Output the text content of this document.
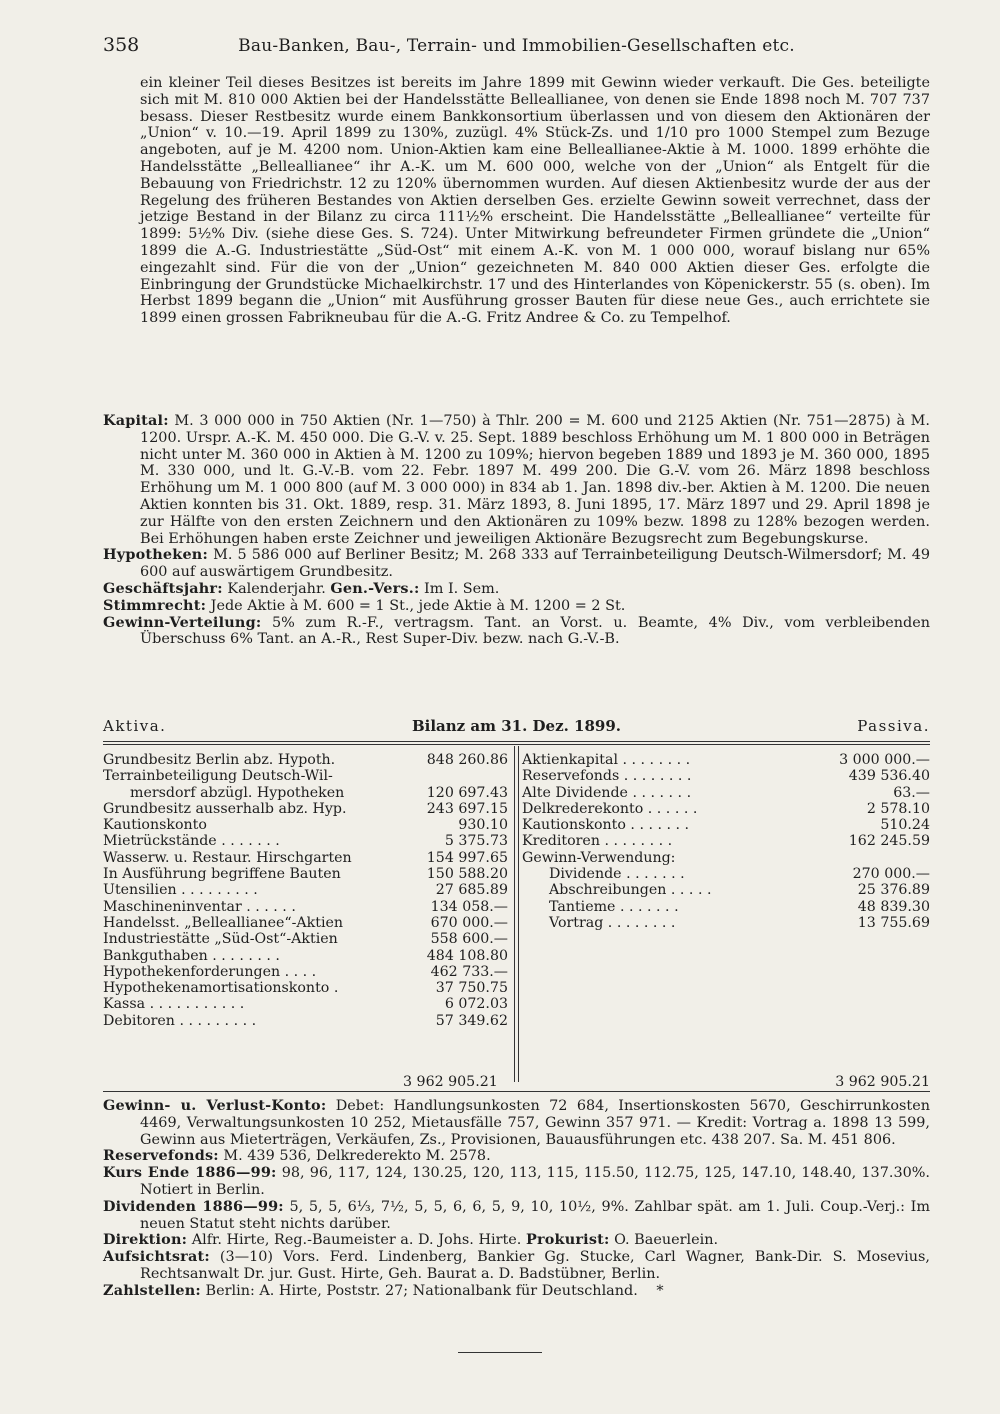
358	Bau-Banken, Bau-, Terrain- und Immobilien-Gesellschaften etc.

ein kleiner Teil dieses Besitzes ist bereits im Jahre 1899 mit Gewinn wieder verkauft. Die Ges. beteiligte sich mit M. 810 000 Aktien bei der Handelsstätte Belleallianee, von denen sie Ende 1898 noch M. 707 737 besass. Dieser Restbesitz wurde einem Bankkonsortium überlassen und von diesem den Aktionären der „Union“ v. 10.—19. April 1899 zu 130%, zuzügl. 4% Stück-Zs. und 1/10 pro 1000 Stempel zum Bezuge angeboten, auf je M. 4200 nom. Union-Aktien kam eine Belleallianee-Aktie à M. 1000. 1899 erhöhte die Handelsstätte „Belleallianee“ ihr A.-K. um M. 600 000, welche von der „Union“ als Entgelt für die Bebauung von Friedrichstr. 12 zu 120% übernommen wurden. Auf diesen Aktienbesitz wurde der aus der Regelung des früheren Bestandes von Aktien derselben Ges. erzielte Gewinn soweit verrechnet, dass der jetzige Bestand in der Bilanz zu circa 111½% erscheint. Die Handelsstätte „Belleallianee“ verteilte für 1899: 5½% Div. (siehe diese Ges. S. 724). Unter Mitwirkung befreundeter Firmen gründete die „Union“ 1899 die A.-G. Industriestätte „Süd-Ost“ mit einem A.-K. von M. 1 000 000, worauf bislang nur 65% eingezahlt sind. Für die von der „Union“ gezeichneten M. 840 000 Aktien dieser Ges. erfolgte die Einbringung der Grundstücke Michaelkirchstr. 17 und des Hinterlandes von Köpenickerstr. 55 (s. oben). Im Herbst 1899 begann die „Union“ mit Ausführung grosser Bauten für diese neue Ges., auch errichtete sie 1899 einen grossen Fabrikneubau für die A.-G. Fritz Andree & Co. zu Tempelhof.

Kapital: M. 3 000 000 in 750 Aktien (Nr. 1—750) à Thlr. 200 = M. 600 und 2125 Aktien (Nr. 751—2875) à M. 1200. Urspr. A.-K. M. 450 000. Die G.-V. v. 25. Sept. 1889 beschloss Erhöhung um M. 1 800 000 in Beträgen nicht unter M. 360 000 in Aktien à M. 1200 zu 109%; hiervon begeben 1889 und 1893 je M. 360 000, 1895 M. 330 000, und lt. G.-V.-B. vom 22. Febr. 1897 M. 499 200. Die G.-V. vom 26. März 1898 beschloss Erhöhung um M. 1 000 800 (auf M. 3 000 000) in 834 ab 1. Jan. 1898 div.-ber. Aktien à M. 1200. Die neuen Aktien konnten bis 31. Okt. 1889, resp. 31. März 1893, 8. Juni 1895, 17. März 1897 und 29. April 1898 je zur Hälfte von den ersten Zeichnern und den Aktionären zu 109% bezw. 1898 zu 128% bezogen werden. Bei Erhöhungen haben erste Zeichner und jeweiligen Aktionäre Bezugsrecht zum Begebungskurse.

Hypotheken: M. 5 586 000 auf Berliner Besitz; M. 268 333 auf Terrainbeteiligung Deutsch-Wilmersdorf; M. 49 600 auf auswärtigem Grundbesitz.

Geschäftsjahr: Kalenderjahr. Gen.-Vers.: Im I. Sem.

Stimmrecht: Jede Aktie à M. 600 = 1 St., jede Aktie à M. 1200 = 2 St.

Gewinn-Verteilung: 5% zum R.-F., vertragsm. Tant. an Vorst. u. Beamte, 4% Div., vom verbleibenden Überschuss 6% Tant. an A.-R., Rest Super-Div. bezw. nach G.-V.-B.

Aktiva.	Bilanz am 31. Dez. 1899.	Passiva.
Grundbesitz Berlin abz. Hypoth.	848 260.86
Terrainbeteiligung Deutsch-Wil-
mersdorf abzügl. Hypotheken	120 697.43
Grundbesitz ausserhalb abz. Hyp.	243 697.15
Kautionskonto	930.10
Mietrückstände . . . . . . .	5 375.73
Wasserw. u. Restaur. Hirschgarten	154 997.65
In Ausführung begriffene Bauten	150 588.20
Utensilien . . . . . . . . .	27 685.89
Maschineninventar . . . . . .	134 058.—
Handelsst. „Belleallianee“-Aktien	670 000.—
Industriestätte „Süd-Ost“-Aktien	558 600.—
Bankguthaben . . . . . . . .	484 108.80
Hypothekenforderungen . . . .	462 733.—
Hypothekenamortisationskonto .	37 750.75
Kassa . . . . . . . . . . .	6 072.03
Debitoren . . . . . . . . .	57 349.62
Aktienkapital . . . . . . . .	3 000 000.—
Reservefonds . . . . . . . .	439 536.40
Alte Dividende . . . . . . .	63.—
Delkrederekonto . . . . . .	2 578.10
Kautionskonto . . . . . . .	510.24
Kreditoren . . . . . . . .	162 245.59
Gewinn-Verwendung:
Dividende . . . . . . .	270 000.—
Abschreibungen . . . . .	25 376.89
Tantieme . . . . . . .	48 839.30
Vortrag . . . . . . . .	13 755.69
3 962 905.21	3 962 905.21

Gewinn- u. Verlust-Konto: Debet: Handlungsunkosten 72 684, Insertionskosten 5670, Geschirrunkosten 4469, Verwaltungsunkosten 10 252, Mietausfälle 757, Gewinn 357 971. — Kredit: Vortrag a. 1898 13 599, Gewinn aus Mieterträgen, Verkäufen, Zs., Provisionen, Bauausführungen etc. 438 207. Sa. M. 451 806.

Reservefonds: M. 439 536, Delkrederekto M. 2578.

Kurs Ende 1886—99: 98, 96, 117, 124, 130.25, 120, 113, 115, 115.50, 112.75, 125, 147.10, 148.40, 137.30%. Notiert in Berlin.

Dividenden 1886—99: 5, 5, 5, 6⅓, 7½, 5, 5, 6, 6, 5, 9, 10, 10½, 9%. Zahlbar spät. am 1. Juli. Coup.-Verj.: Im neuen Statut steht nichts darüber.

Direktion: Alfr. Hirte, Reg.-Baumeister a. D. Johs. Hirte. Prokurist: O. Baeuerlein.

Aufsichtsrat: (3—10) Vors. Ferd. Lindenberg, Bankier Gg. Stucke, Carl Wagner, Bank-Dir. S. Mosevius, Rechtsanwalt Dr. jur. Gust. Hirte, Geh. Baurat a. D. Badstübner, Berlin.

Zahlstellen: Berlin: A. Hirte, Poststr. 27; Nationalbank für Deutschland. *
